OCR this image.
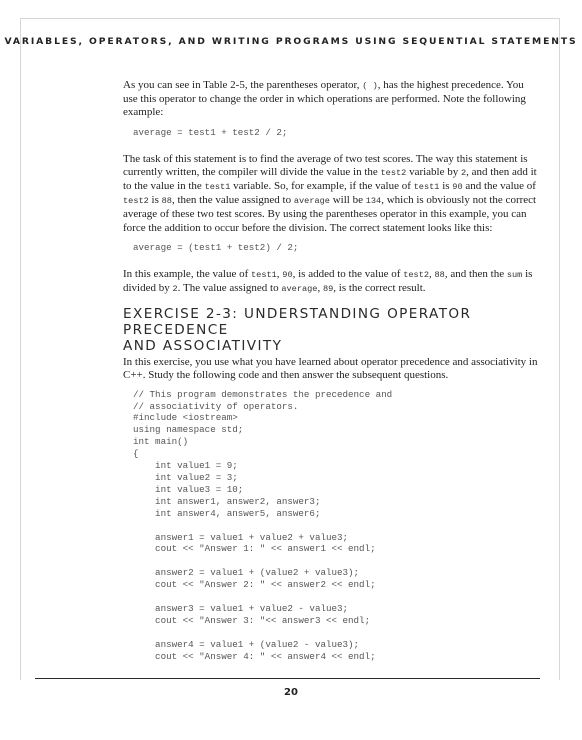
VARIABLES, OPERATORS, AND WRITING PROGRAMS USING SEQUENTIAL STATEMENTS

As you can see in Table 2-5, the parentheses operator, ( ), has the highest precedence. You use this operator to change the order in which operations are performed. Note the following example:

average = test1 + test2 / 2;

The task of this statement is to find the average of two test scores. The way this statement is currently written, the compiler will divide the value in the test2 variable by 2, and then add it to the value in the test1 variable. So, for example, if the value of test1 is 90 and the value of test2 is 88, then the value assigned to average will be 134, which is obviously not the correct average of these two test scores. By using the parentheses operator in this example, you can force the addition to occur before the division. The correct statement looks like this:

average = (test1 + test2) / 2;

In this example, the value of test1, 90, is added to the value of test2, 88, and then the sum is divided by 2. The value assigned to average, 89, is the correct result.

EXERCISE 2-3: UNDERSTANDING OPERATOR PRECEDENCE
AND ASSOCIATIVITY

In this exercise, you use what you have learned about operator precedence and associativity in C++. Study the following code and then answer the subsequent questions.

// This program demonstrates the precedence and
// associativity of operators.
#include <iostream>
using namespace std;
int main()
{
int value1 = 9;
int value2 = 3;
int value3 = 10;
int answer1, answer2, answer3;
int answer4, answer5, answer6;

answer1 = value1 + value2 + value3;
cout << "Answer 1: " << answer1 << endl;

answer2 = value1 + (value2 + value3);
cout << "Answer 2: " << answer2 << endl;

answer3 = value1 + value2 - value3;
cout << "Answer 3: "<< answer3 << endl;

answer4 = value1 + (value2 - value3);
cout << "Answer 4: " << answer4 << endl;
20
